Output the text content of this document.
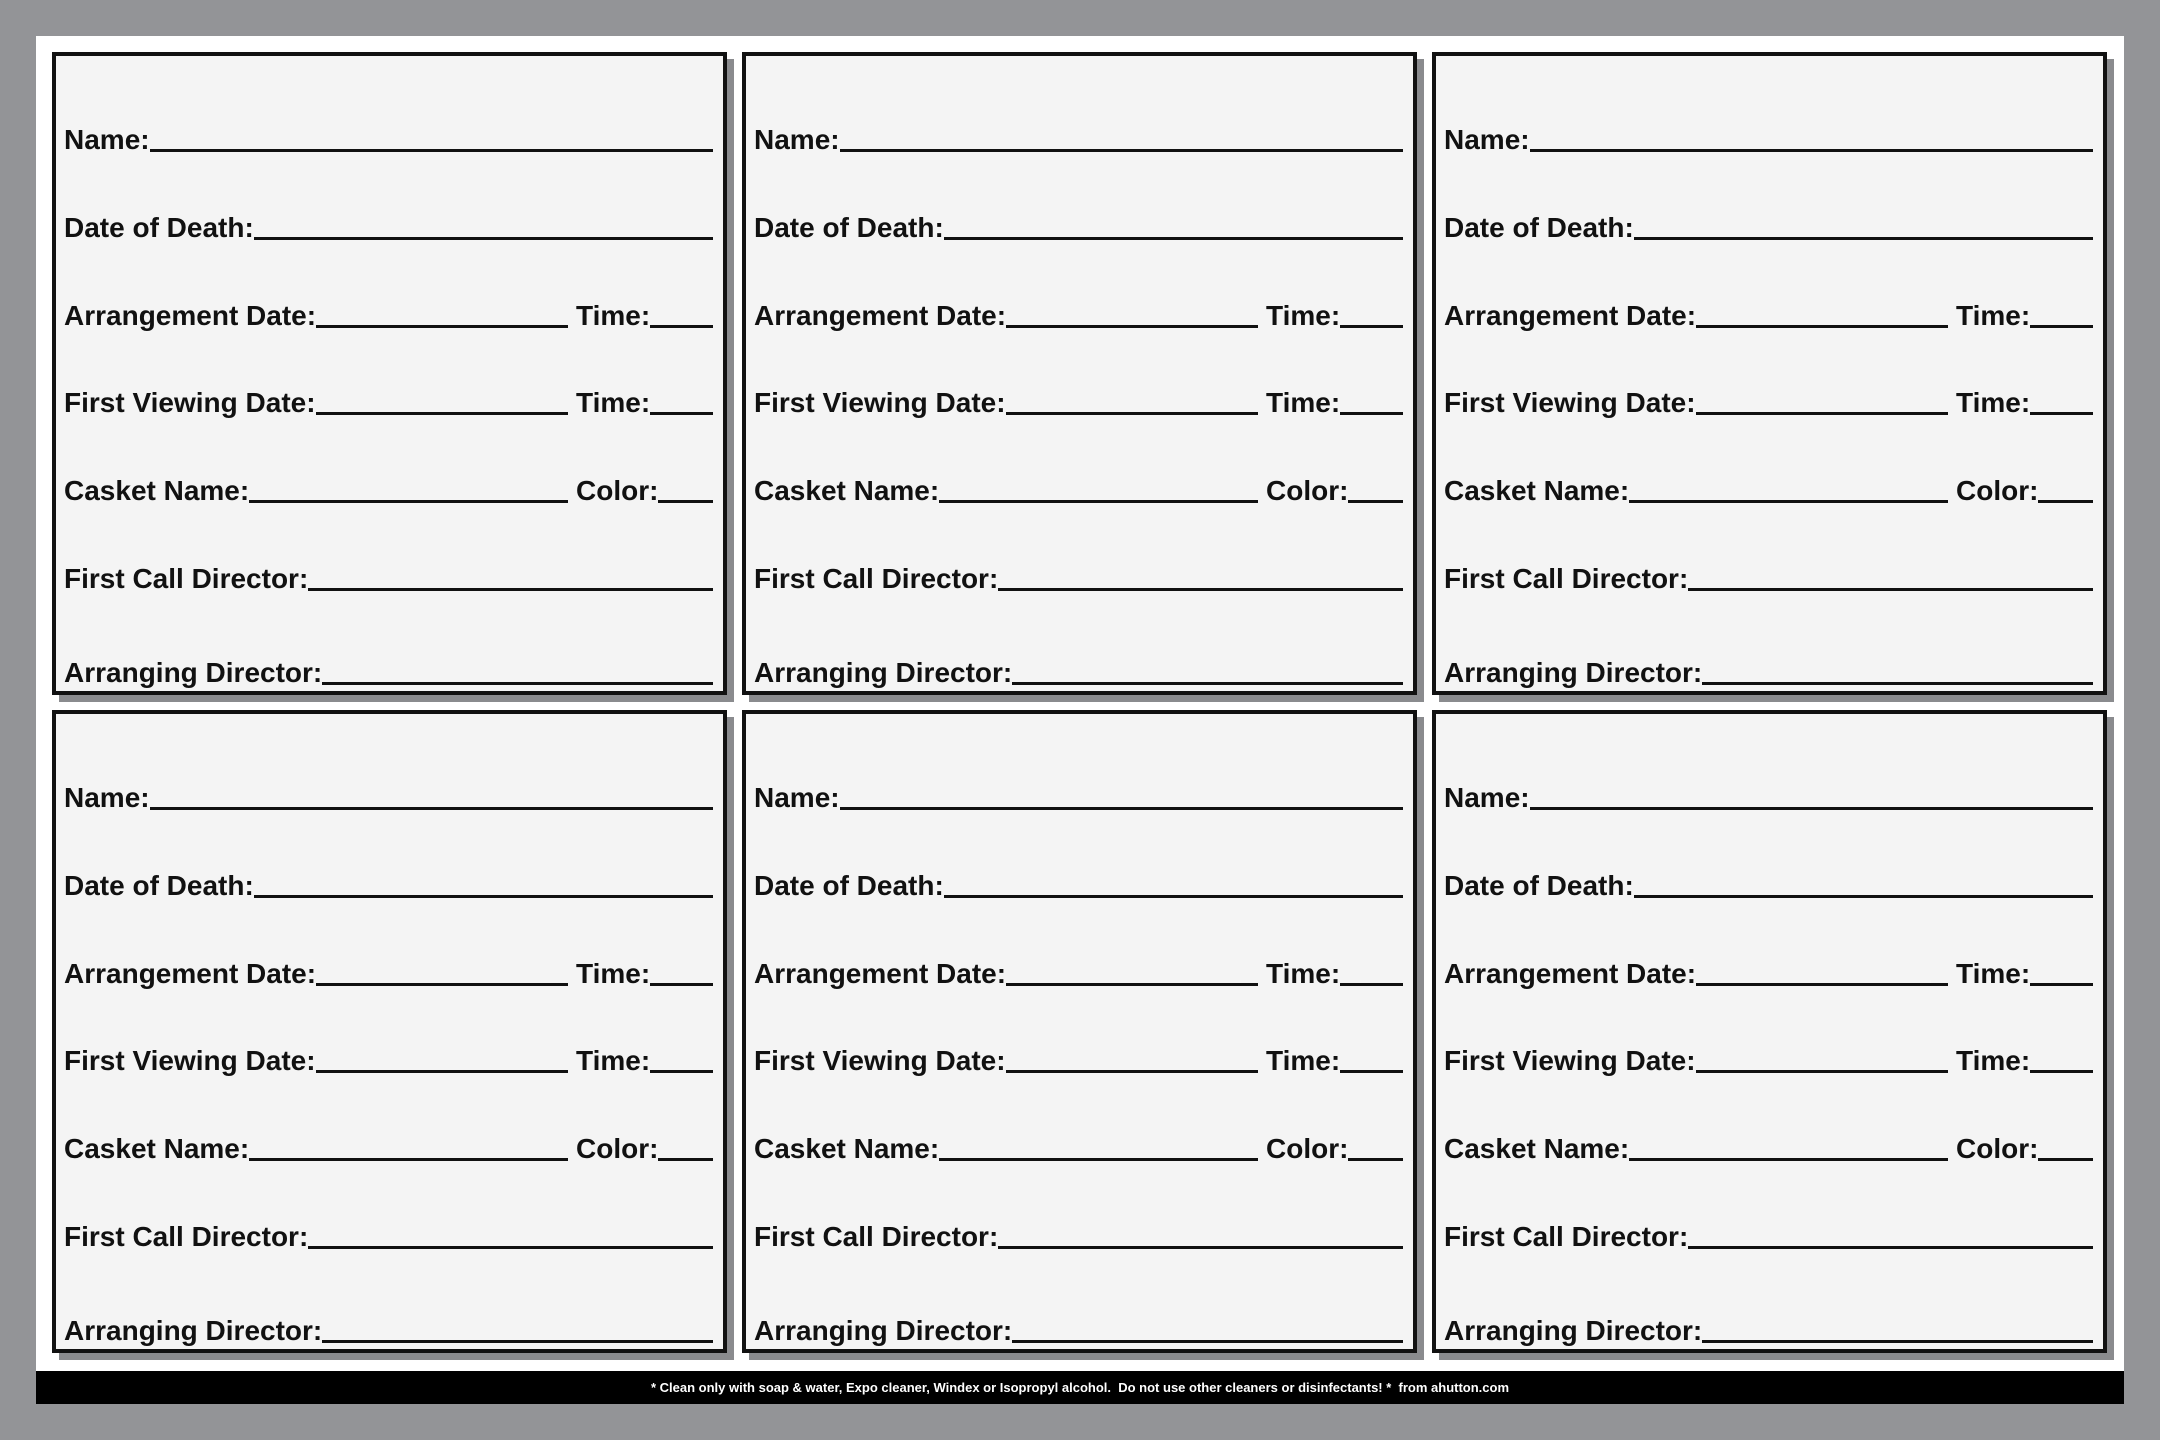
Name:
Date of Death:
Arrangement Date:	Time:
First Viewing Date:	Time:
Casket Name:	Color:
First Call Director:
Arranging Director:
Name:
Date of Death:
Arrangement Date:	Time:
First Viewing Date:	Time:
Casket Name:	Color:
First Call Director:
Arranging Director:
Name:
Date of Death:
Arrangement Date:	Time:
First Viewing Date:	Time:
Casket Name:	Color:
First Call Director:
Arranging Director:
Name:
Date of Death:
Arrangement Date:	Time:
First Viewing Date:	Time:
Casket Name:	Color:
First Call Director:
Arranging Director:
Name:
Date of Death:
Arrangement Date:	Time:
First Viewing Date:	Time:
Casket Name:	Color:
First Call Director:
Arranging Director:
Name:
Date of Death:
Arrangement Date:	Time:
First Viewing Date:	Time:
Casket Name:	Color:
First Call Director:
Arranging Director:
* Clean only with soap & water, Expo cleaner, Windex or Isopropyl alcohol.  Do not use other cleaners or disinfectants! *  from ahutton.com
